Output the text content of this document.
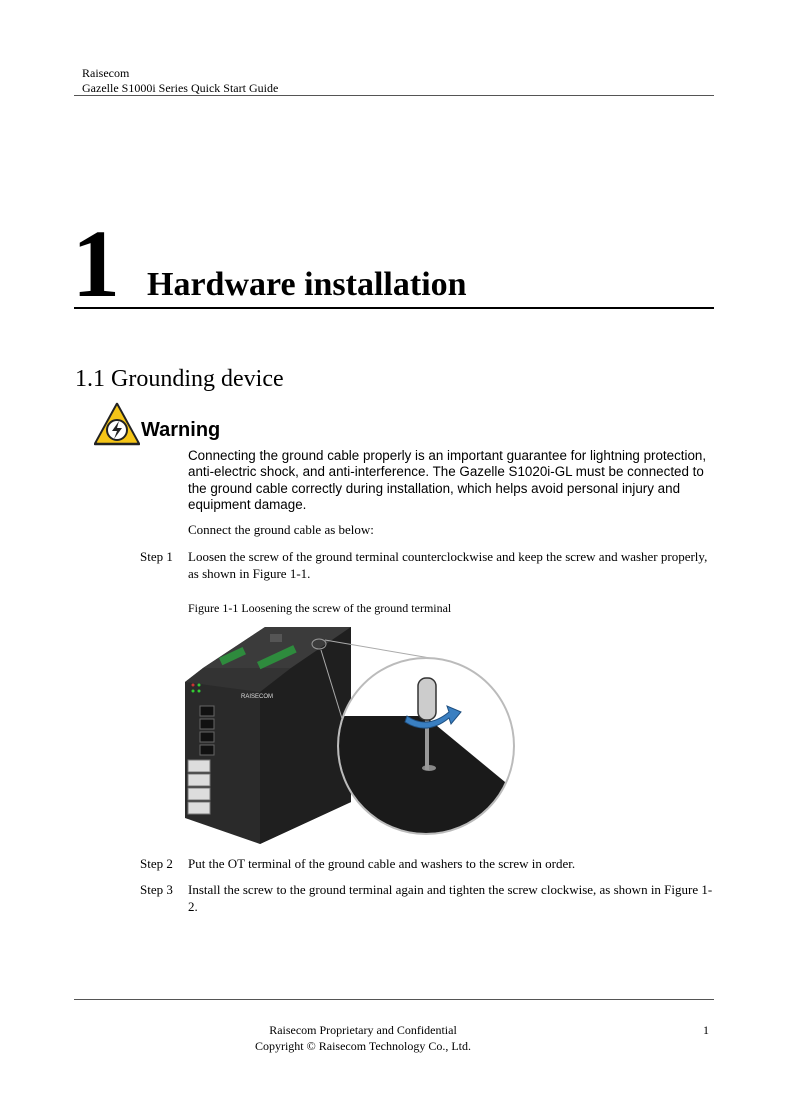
Raisecom
Gazelle S1000i Series Quick Start Guide
1 Hardware installation
1.1 Grounding device
Warning
Connecting the ground cable properly is an important guarantee for lightning protection, anti-electric shock, and anti-interference. The Gazelle S1020i-GL must be connected to the ground cable correctly during installation, which helps avoid personal injury and equipment damage.
Connect the ground cable as below:
Step 1 Loosen the screw of the ground terminal counterclockwise and keep the screw and washer properly, as shown in Figure 1-1.
Figure 1-1 Loosening the screw of the ground terminal
RAISECOM
Step 2 Put the OT terminal of the ground cable and washers to the screw in order.
Step 3 Install the screw to the ground terminal again and tighten the screw clockwise, as shown in Figure 1-2.
Raisecom Proprietary and Confidential
Copyright © Raisecom Technology Co., Ltd.
1
